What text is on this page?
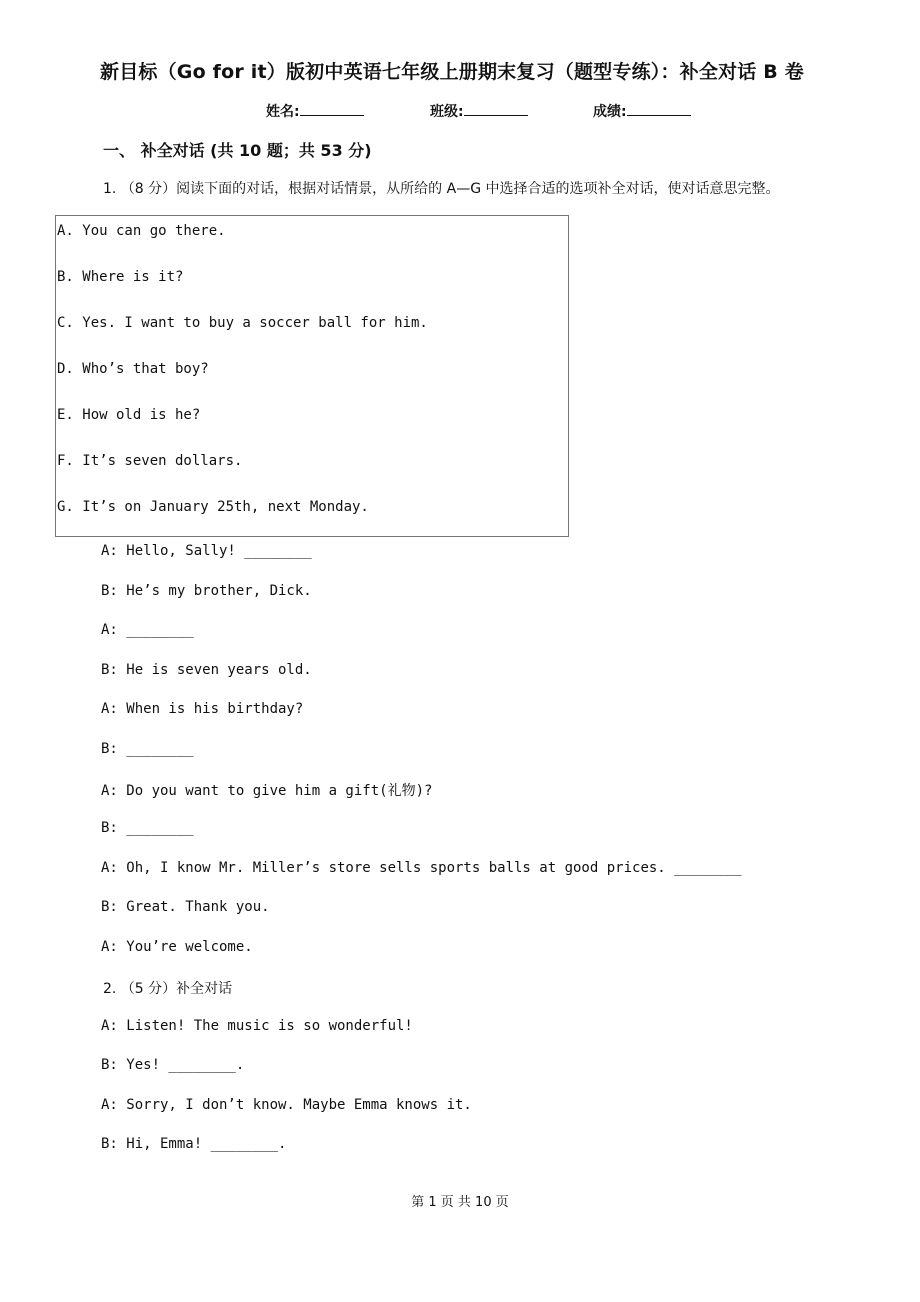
新目标（Go for it）版初中英语七年级上册期末复习（题型专练）：补全对话 B 卷
姓名:	班级:	成绩:
一、 补全对话 (共 10 题；共 53 分)
1. （8 分）阅读下面的对话，根据对话情景，从所给的 A—G 中选择合适的选项补全对话，使对话意思完整。
A. You can go there.
B. Where is it?
C. Yes. I want to buy a soccer ball for him.
D. Who’s that boy?
E. How old is he?
F. It’s seven dollars.
G. It’s on January 25th, next Monday.
A: Hello, Sally! ________
B: He’s my brother, Dick.
A: ________
B: He is seven years old.
A: When is his birthday?
B: ________
A: Do you want to give him a gift(礼物)?
B: ________
A: Oh, I know Mr. Miller’s store sells sports balls at good prices. ________
B: Great. Thank you.
A: You’re welcome.
2. （5 分）补全对话
A: Listen! The music is so wonderful!
B: Yes! ________.
A: Sorry, I don’t know. Maybe Emma knows it.
B: Hi, Emma! ________.
第 1 页 共 10 页
